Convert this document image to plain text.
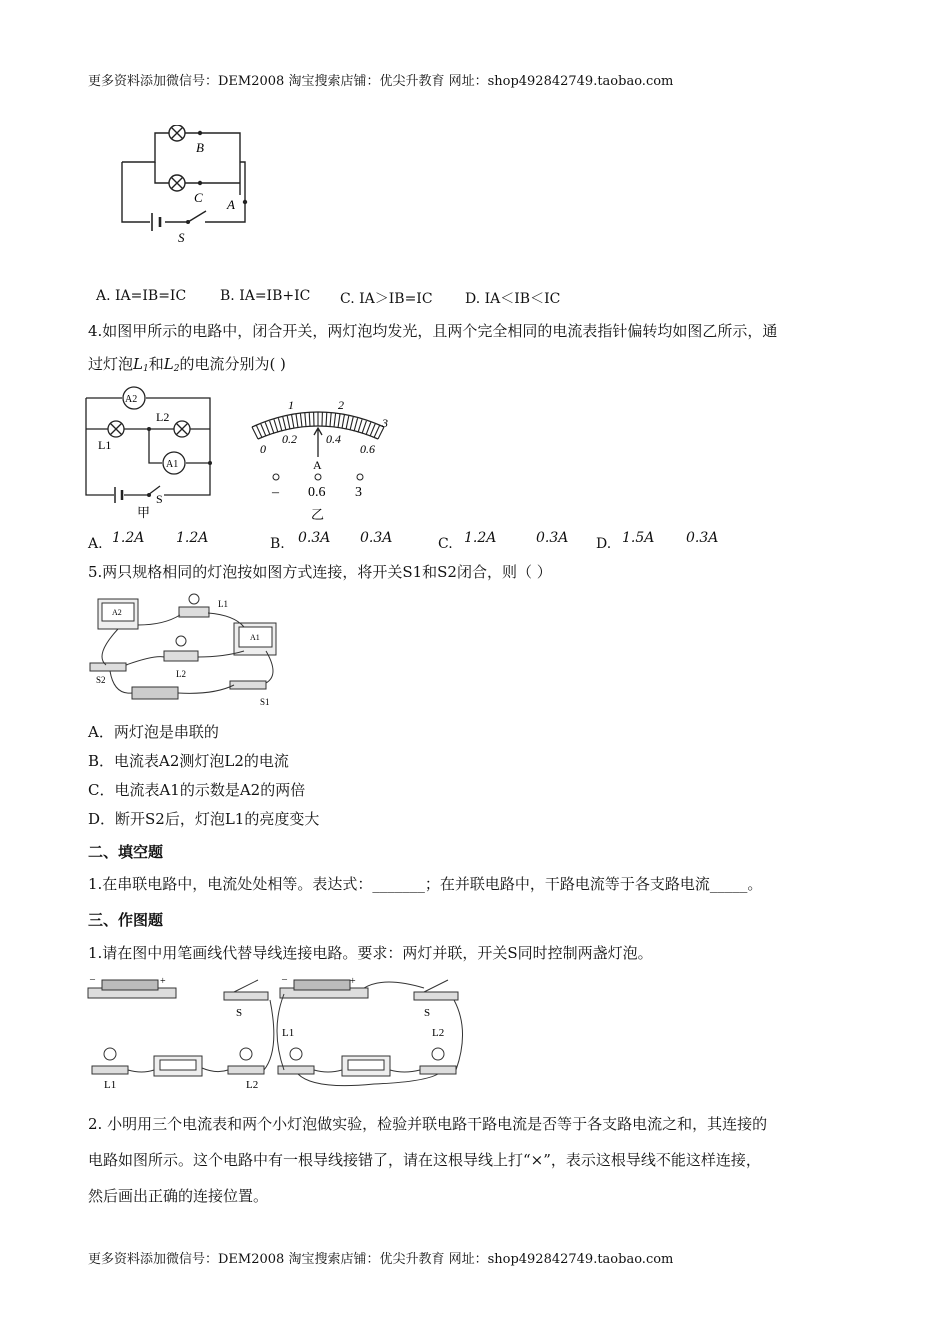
更多资料添加微信号：DEM2008 淘宝搜索店铺：优尖升教育 网址：shop492842749.taobao.com
B
C A
S
A. IA=IB=IC B. IA=IB+IC C. IA＞IB=IC D. IA＜IB＜IC
4.如图甲所示的电路中，闭合开关，两灯泡均发光，且两个完全相同的电流表指针偏转均如图乙所示，通
过灯泡$L_1$和$L_2$的电流分别为( )
A2
L2
L1
A1
S
甲
0
1	2
3
0.2 0.4
0.6
A
– 0.6 3
乙
A. 1.2A 1.2A	B. 0.3A 0.3A	C. 1.2A	0.3A D. 1.5A 0.3A
5.两只规格相同的灯泡按如图方式连接，将开关S1和S2闭合，则（ ）
A2
L1
L2
A1
S2
S1
A．两灯泡是串联的
B．电流表A2测灯泡L2的电流
C．电流表A1的示数是A2的两倍
D．断开S2后，灯泡L1的亮度变大
二、填空题
1.在串联电路中，电流处处相等。表达式：_______；在并联电路中，干路电流等于各支路电流_____。
三、作图题
1.请在图中用笔画线代替导线连接电路。要求：两灯并联，开关S同时控制两盏灯泡。
–	+
S
L1	L2
–	+
S
L1	L2
2. 小明用三个电流表和两个小灯泡做实验，检验并联电路干路电流是否等于各支路电流之和，其连接的
电路如图所示。这个电路中有一根导线接错了，请在这根导线上打“×”，表示这根导线不能这样连接，
然后画出正确的连接位置。
更多资料添加微信号：DEM2008 淘宝搜索店铺：优尖升教育 网址：shop492842749.taobao.com
